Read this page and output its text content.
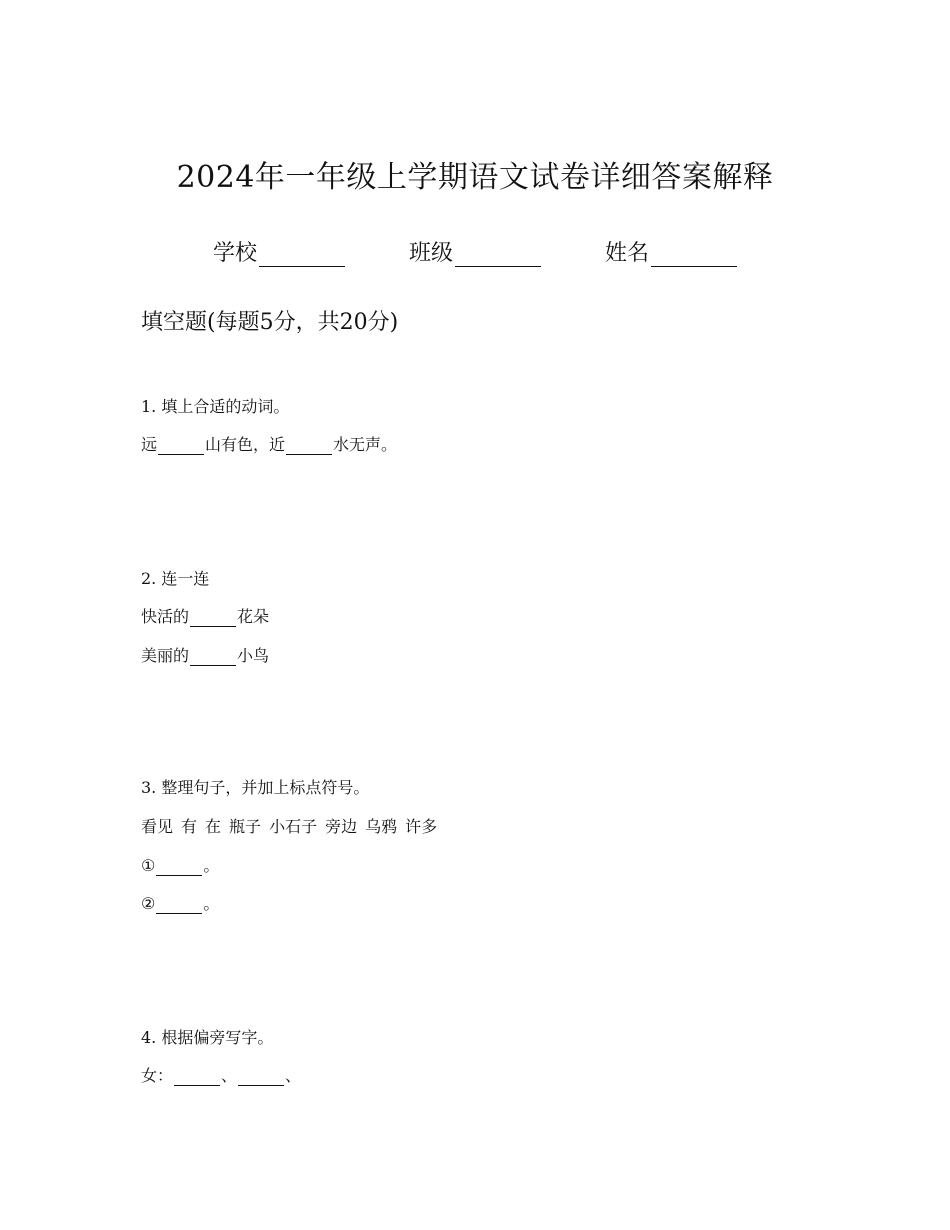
2024年一年级上学期语文试卷详细答案解释
学校	班级	姓名
填空题(每题5分，共20分)
1. 填上合适的动词。
远	山有色，近	水无声。
2. 连一连
快活的	花朵
美丽的	小鸟
3. 整理句子，并加上标点符号。
看见 有 在 瓶子 小石子 旁边 乌鸦 许多
①	。
②	。
4. 根据偏旁写字。
女：	、	、
